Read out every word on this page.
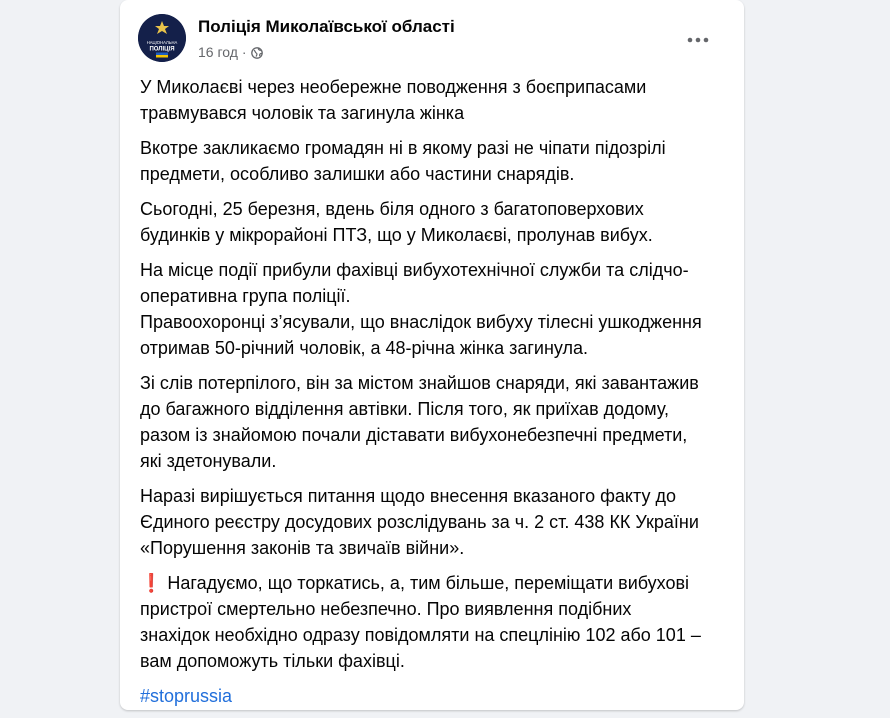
НАЦІОНАЛЬНА
ПОЛІЦІЯ
Поліція Миколаївської області
16 год ·
У Миколаєві через необережне поводження з боєприпасами
травмувався чоловік та загинула жінка
Вкотре закликаємо громадян ні в якому разі не чіпати підозрілі
предмети, особливо залишки або частини снарядів.
Сьогодні, 25 березня, вдень біля одного з багатоповерхових
будинків у мікрорайоні ПТЗ, що у Миколаєві, пролунав вибух.
На місце події прибули фахівці вибухотехнічної служби та слідчо-
оперативна група поліції.
Правоохоронці з’ясували, що внаслідок вибуху тілесні ушкодження
отримав 50-річний чоловік, а 48-річна жінка загинула.
Зі слів потерпілого, він за містом знайшов снаряди, які завантажив
до багажного відділення автівки. Після того, як приїхав додому,
разом із знайомою почали діставати вибухонебезпечні предмети,
які здетонували.
Наразі вирішується питання щодо внесення вказаного факту до
Єдиного реєстру досудових розслідувань за ч. 2 ст. 438 КК України
«Порушення законів та звичаїв війни».
❗ Нагадуємо, що торкатись, а, тим більше, переміщати вибухові
пристрої смертельно небезпечно. Про виявлення подібних
знахідок необхідно одразу повідомляти на спецлінію 102 або 101 –
вам допоможуть тільки фахівці.
#stoprussia
